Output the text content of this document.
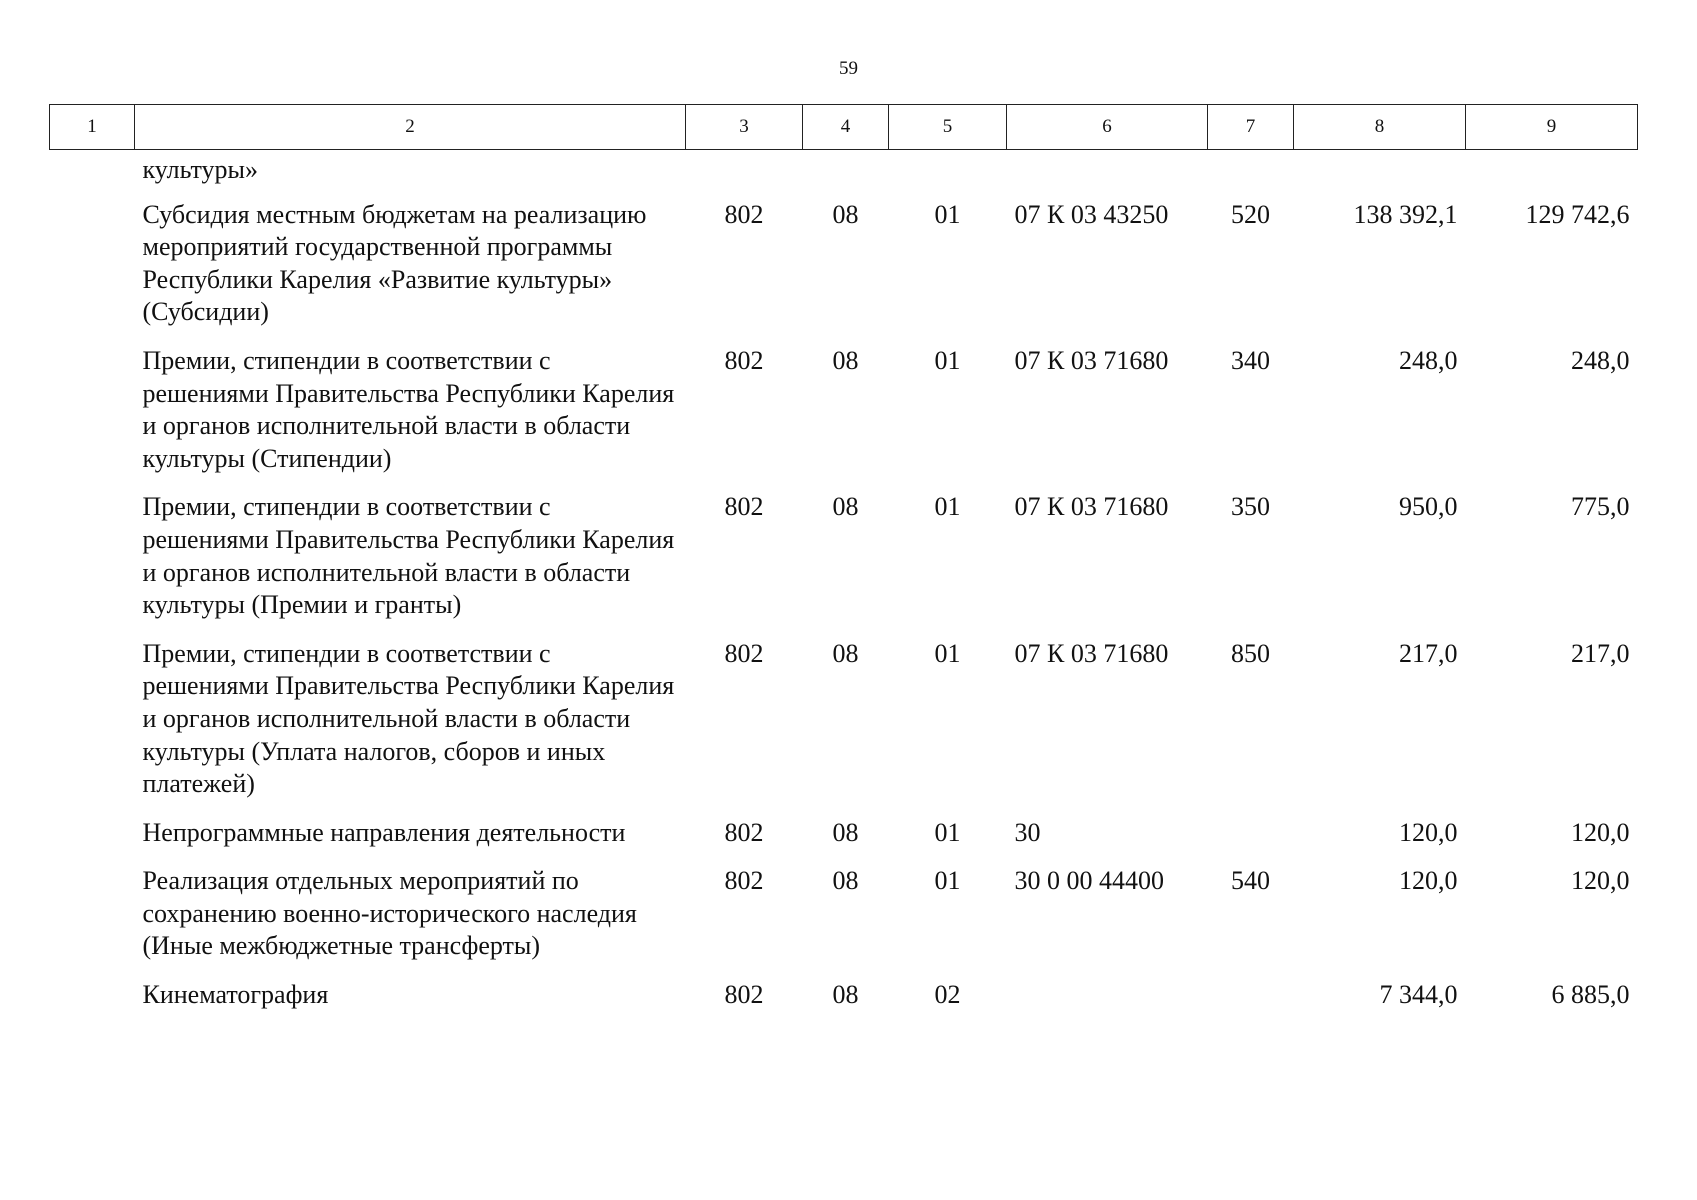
59
1	2	3	4	5	6	7	8	9
	культуры»							
	Субсидия местным бюджетам на реализацию мероприятий государственной программы Республики Карелия «Развитие культуры» (Субсидии)	802	08	01	07 К 03 43250	520	138 392,1	129 742,6
	Премии, стипендии в соответствии с решениями Правительства Республики Карелия и органов исполнительной власти в области культуры (Стипендии)	802	08	01	07 К 03 71680	340	248,0	248,0
	Премии, стипендии в соответствии с решениями Правительства Республики Карелия и органов исполнительной власти в области культуры (Премии и гранты)	802	08	01	07 К 03 71680	350	950,0	775,0
	Премии, стипендии в соответствии с решениями Правительства Республики Карелия и органов исполнительной власти в области культуры (Уплата налогов, сборов и иных платежей)	802	08	01	07 К 03 71680	850	217,0	217,0
	Непрограммные направления деятельности	802	08	01	30		120,0	120,0
	Реализация отдельных мероприятий по сохранению военно-исторического наследия (Иные межбюджетные трансферты)	802	08	01	30 0 00 44400	540	120,0	120,0
	Кинематография	802	08	02			7 344,0	6 885,0
